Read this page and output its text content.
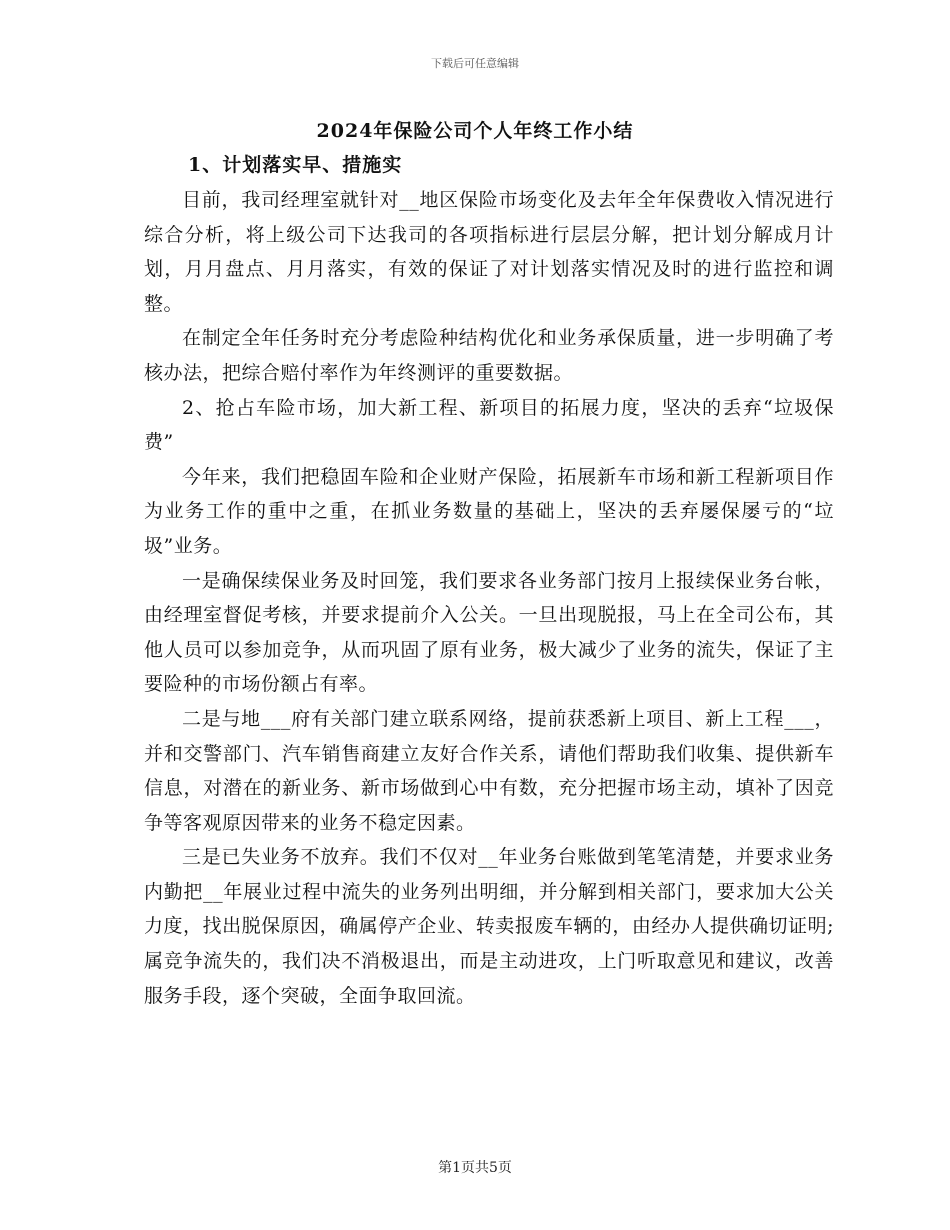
下载后可任意编辑
2024年保险公司个人年终工作小结
1、计划落实早、措施实

目前，我司经理室就针对__地区保险市场变化及去年全年保费收入情况进行综合分析，将上级公司下达我司的各项指标进行层层分解，把计划分解成月计划，月月盘点、月月落实，有效的保证了对计划落实情况及时的进行监控和调整。

在制定全年任务时充分考虑险种结构优化和业务承保质量，进一步明确了考核办法，把综合赔付率作为年终测评的重要数据。

2、抢占车险市场，加大新工程、新项目的拓展力度，坚决的丢弃“垃圾保费”

今年来，我们把稳固车险和企业财产保险，拓展新车市场和新工程新项目作为业务工作的重中之重，在抓业务数量的基础上，坚决的丢弃屡保屡亏的“垃圾”业务。

一是确保续保业务及时回笼，我们要求各业务部门按月上报续保业务台帐，由经理室督促考核，并要求提前介入公关。一旦出现脱报，马上在全司公布，其他人员可以参加竞争，从而巩固了原有业务，极大减少了业务的流失，保证了主要险种的市场份额占有率。

二是与地___府有关部门建立联系网络，提前获悉新上项目、新上工程___，并和交警部门、汽车销售商建立友好合作关系，请他们帮助我们收集、提供新车信息，对潜在的新业务、新市场做到心中有数，充分把握市场主动，填补了因竞争等客观原因带来的业务不稳定因素。

三是已失业务不放弃。我们不仅对__年业务台账做到笔笔清楚，并要求业务内勤把__年展业过程中流失的业务列出明细，并分解到相关部门，要求加大公关力度，找出脱保原因，确属停产企业、转卖报废车辆的，由经办人提供确切证明;属竞争流失的，我们决不消极退出，而是主动进攻，上门听取意见和建议，改善服务手段，逐个突破，全面争取回流。

第1页共5页
